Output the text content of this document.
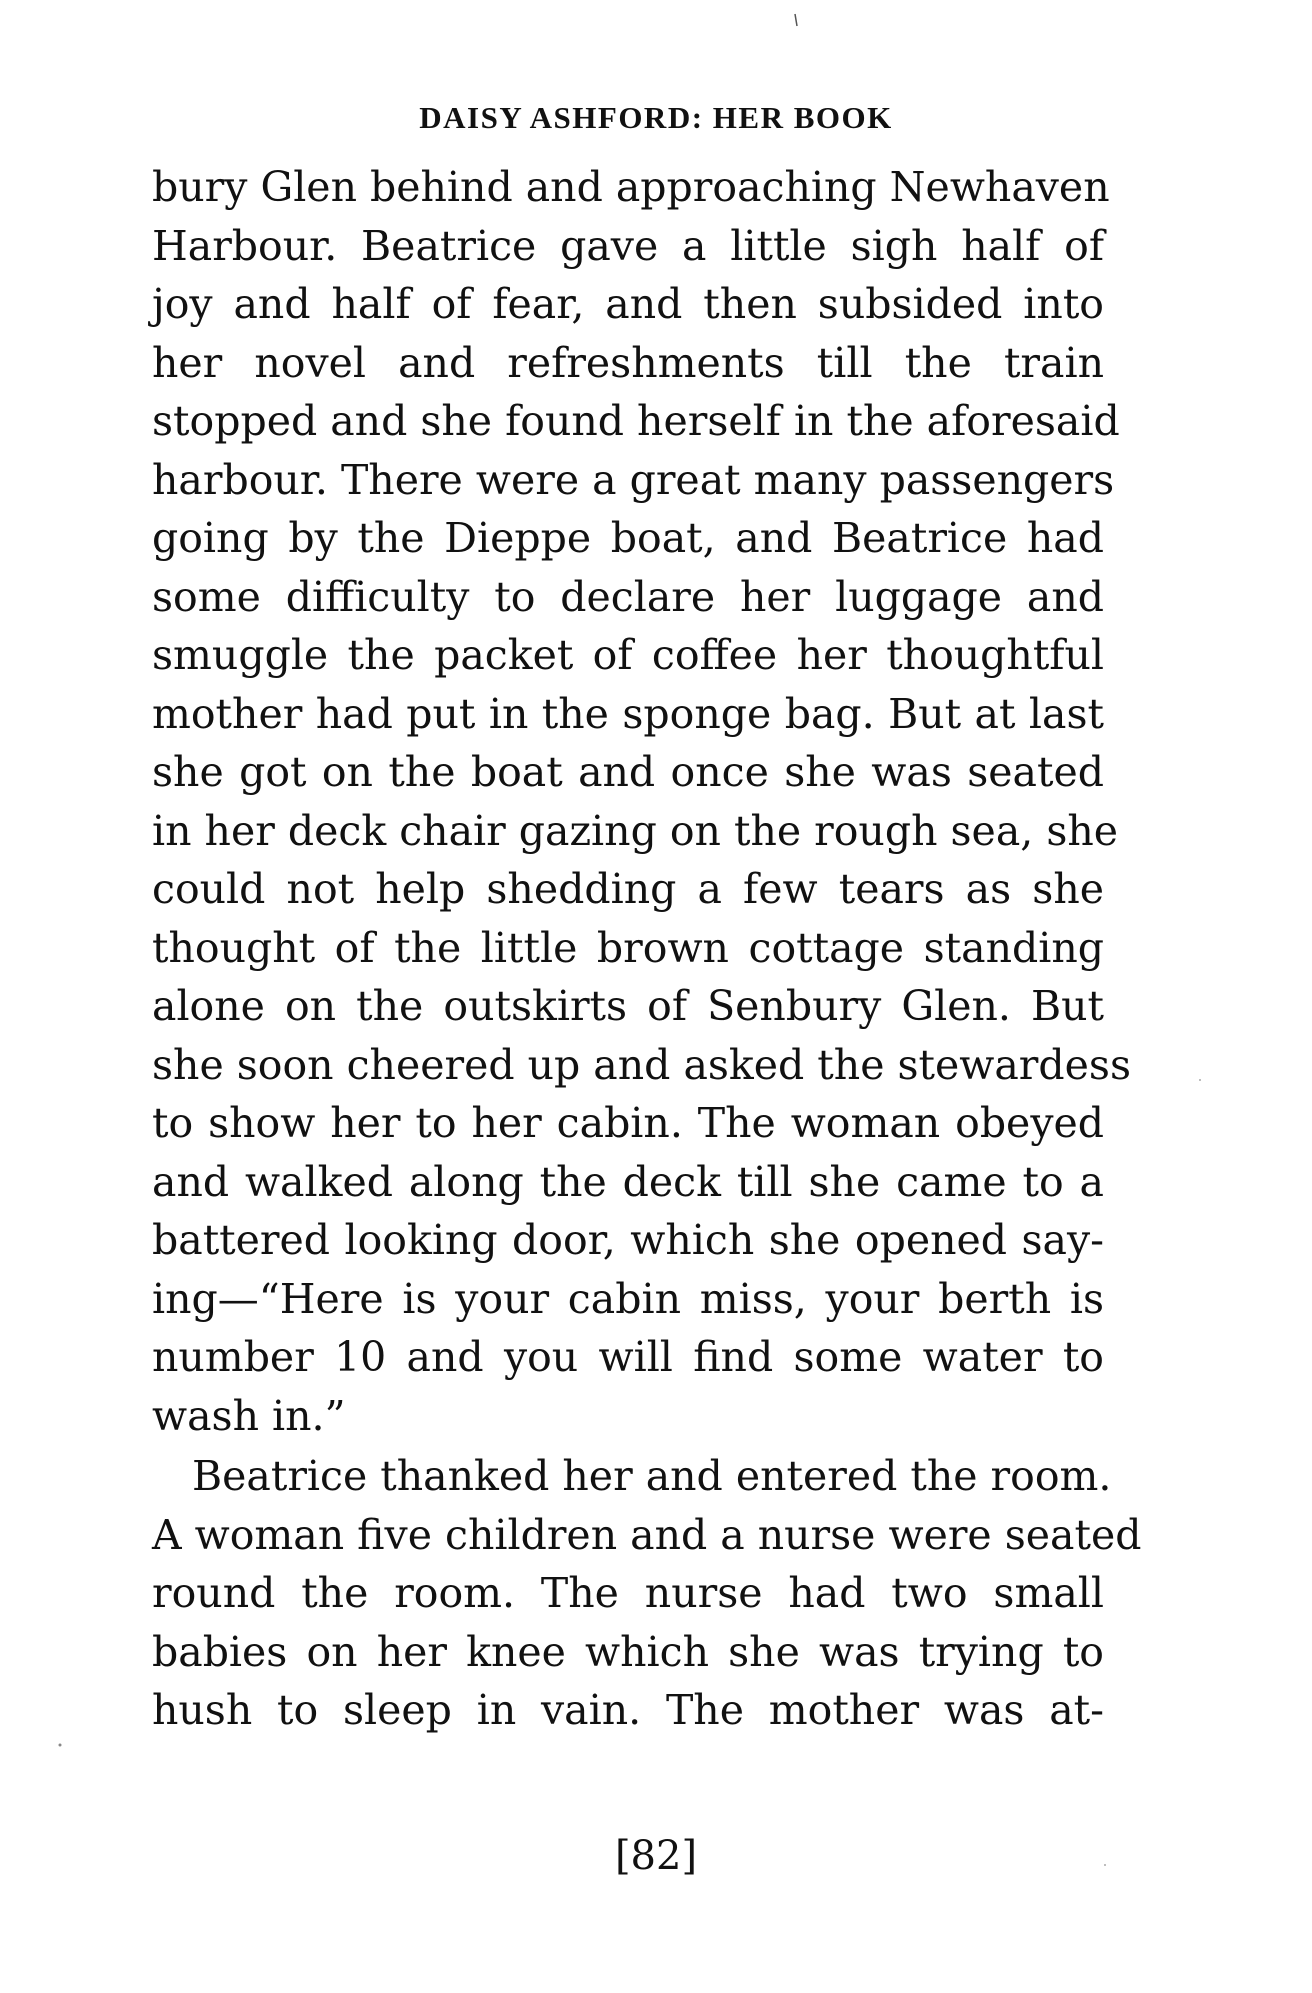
DAISY ASHFORD: HER BOOK
bury Glen behind and approaching Newhaven
Harbour. Beatrice gave a little sigh half of
joy and half of fear, and then subsided into
her novel and refreshments till the train
stopped and she found herself in the aforesaid
harbour. There were a great many passengers
going by the Dieppe boat, and Beatrice had
some difficulty to declare her luggage and
smuggle the packet of coffee her thoughtful
mother had put in the sponge bag. But at last
she got on the boat and once she was seated
in her deck chair gazing on the rough sea, she
could not help shedding a few tears as she
thought of the little brown cottage standing
alone on the outskirts of Senbury Glen. But
she soon cheered up and asked the stewardess
to show her to her cabin. The woman obeyed
and walked along the deck till she came to a
battered looking door, which she opened say-
ing—“Here is your cabin miss, your berth is
number 10 and you will find some water to
wash in.”
Beatrice thanked her and entered the room.
A woman five children and a nurse were seated
round the room. The nurse had two small
babies on her knee which she was trying to
hush to sleep in vain. The mother was at-
[82]
